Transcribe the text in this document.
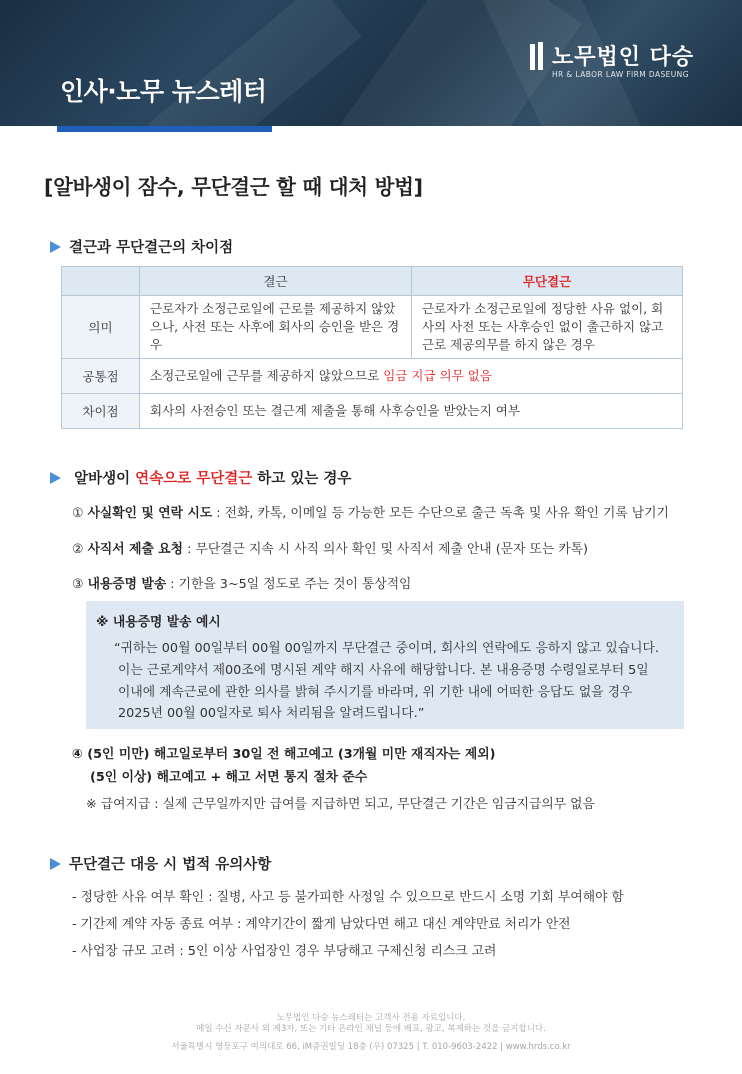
인사·노무 뉴스레터
노무법인 다승
HR & LABOR LAW FIRM DASEUNG
[알바생이 잠수, 무단결근 할 때 대처 방법]
결근과 무단결근의 차이점
	결근	무단결근
의미	근로자가 소정근로일에 근로를 제공하지 않았으나, 사전 또는 사후에 회사의 승인을 받은 경우	근로자가 소정근로일에 정당한 사유 없이, 회사의 사전 또는 사후승인 없이 출근하지 않고 근로 제공의무를 하지 않은 경우
공통점	소정근로일에 근무를 제공하지 않았으므로 임금 지급 의무 없음	
차이점	회사의 사전승인 또는 결근계 제출을 통해 사후승인을 받았는지 여부	
알바생이 연속으로 무단결근 하고 있는 경우
① 사실확인 및 연락 시도 : 전화, 카톡, 이메일 등 가능한 모든 수단으로 출근 독촉 및 사유 확인 기록 남기기
② 사직서 제출 요청 : 무단결근 지속 시 사직 의사 확인 및 사직서 제출 안내 (문자 또는 카톡)
③ 내용증명 발송 : 기한을 3~5일 정도로 주는 것이 통상적임
※ 내용증명 발송 예시
“귀하는 00월 00일부터 00월 00일까지 무단결근 중이며, 회사의 연락에도 응하지 않고 있습니다.
이는 근로계약서 제00조에 명시된 계약 해지 사유에 해당합니다. 본 내용증명 수령일로부터 5일
이내에 계속근로에 관한 의사를 밝혀 주시기를 바라며, 위 기한 내에 어떠한 응답도 없을 경우
2025년 00월 00일자로 퇴사 처리됨을 알려드립니다.”
④ (5인 미만) 해고일로부터 30일 전 해고예고 (3개월 미만 재직자는 제외)
(5인 이상) 해고예고 + 해고 서면 통지 절차 준수
※ 급여지급 : 실제 근무일까지만 급여를 지급하면 되고, 무단결근 기간은 임금지급의무 없음
무단결근 대응 시 법적 유의사항
- 정당한 사유 여부 확인 : 질병, 사고 등 불가피한 사정일 수 있으므로 반드시 소명 기회 부여해야 함
- 기간제 계약 자동 종료 여부 : 계약기간이 짧게 남았다면 해고 대신 계약만료 처리가 안전
- 사업장 규모 고려 : 5인 이상 사업장인 경우 부당해고 구제신청 리스크 고려
노무법인 다승 뉴스레터는 고객사 전용 자료입니다.
메일 수신 자문사 외 제3자, 또는 기타 온라인 채널 등에 배포, 광고, 복제하는 것을 금지합니다.
서울특별시 영등포구 여의대로 66, iM증권빌딩 18층 (우) 07325 | T. 010-9603-2422 | www.hrds.co.kr
